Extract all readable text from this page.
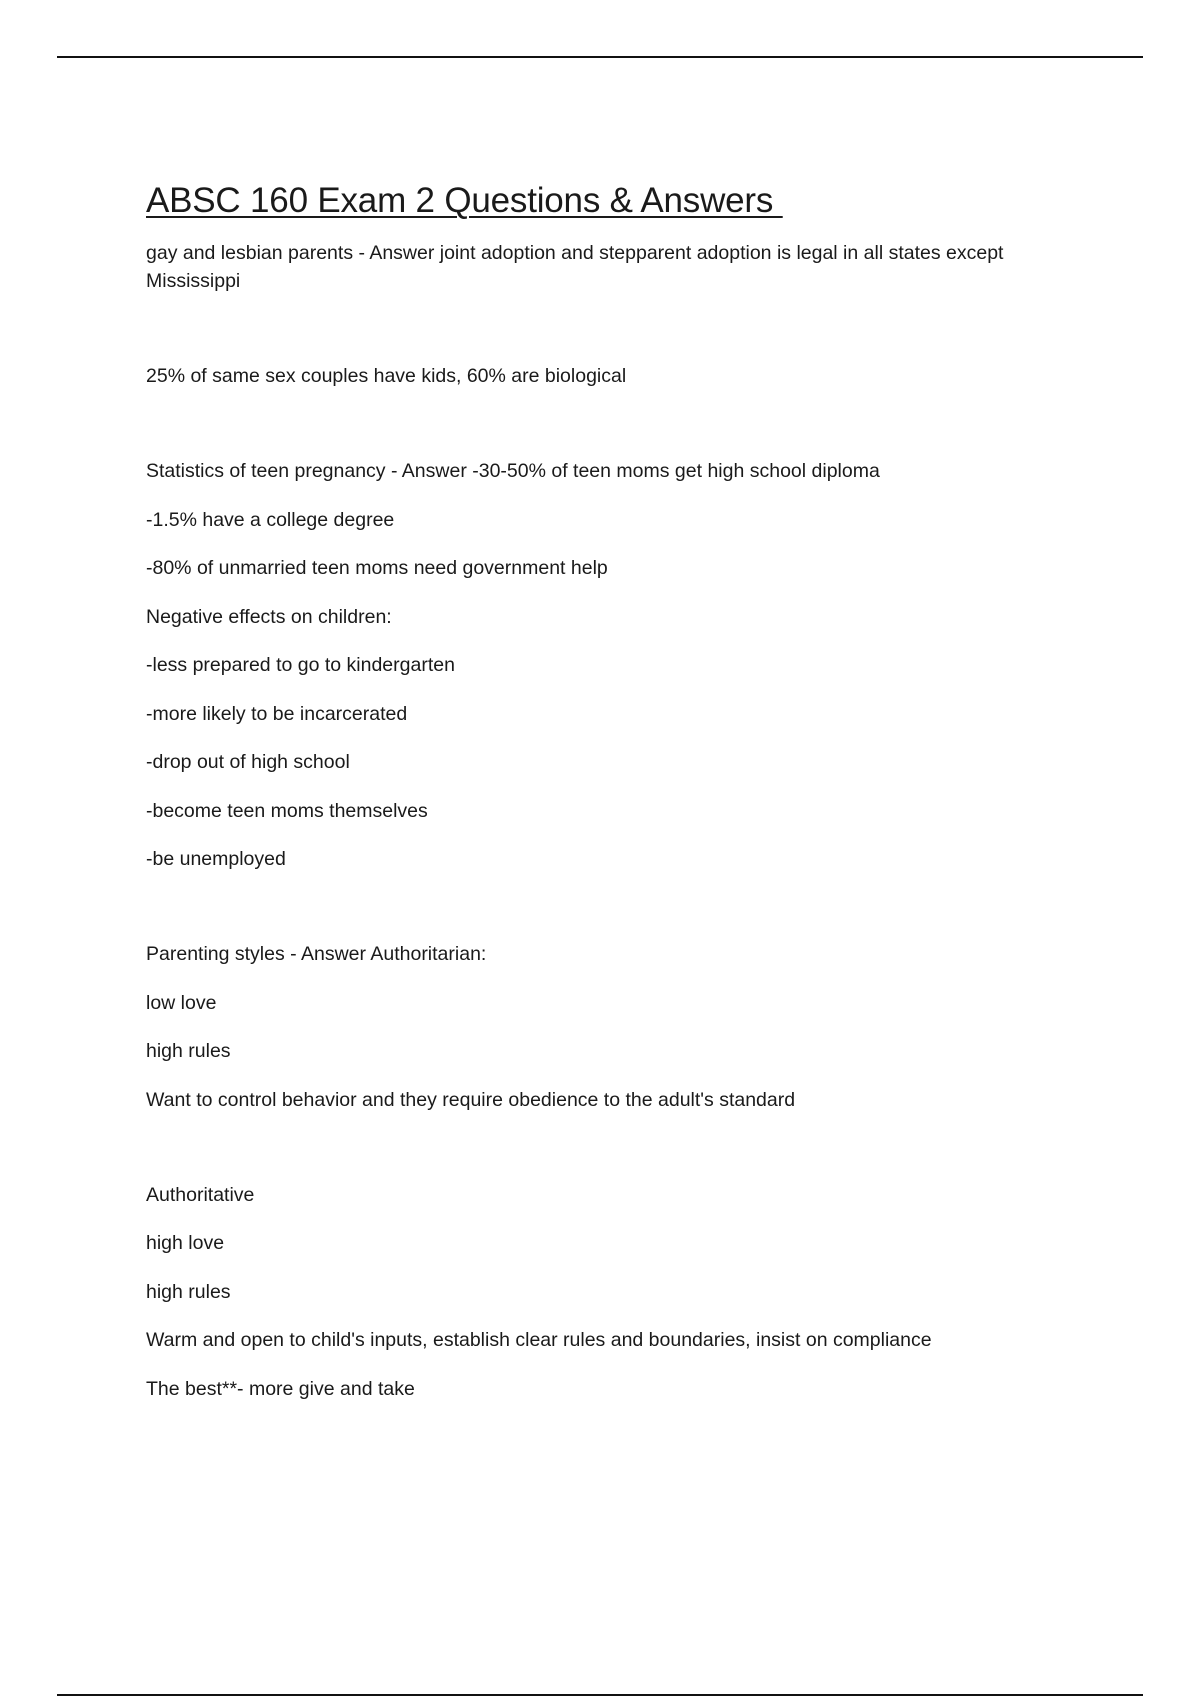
ABSC 160 Exam 2 Questions & Answers

gay and lesbian parents - Answer joint adoption and stepparent adoption is legal in all states except Mississippi

25% of same sex couples have kids, 60% are biological

Statistics of teen pregnancy - Answer -30-50% of teen moms get high school diploma

-1.5% have a college degree

-80% of unmarried teen moms need government help

Negative effects on children:

-less prepared to go to kindergarten

-more likely to be incarcerated

-drop out of high school

-become teen moms themselves

-be unemployed

Parenting styles - Answer Authoritarian:

low love

high rules

Want to control behavior and they require obedience to the adult's standard

Authoritative

high love

high rules

Warm and open to child's inputs, establish clear rules and boundaries, insist on compliance

The best**- more give and take
